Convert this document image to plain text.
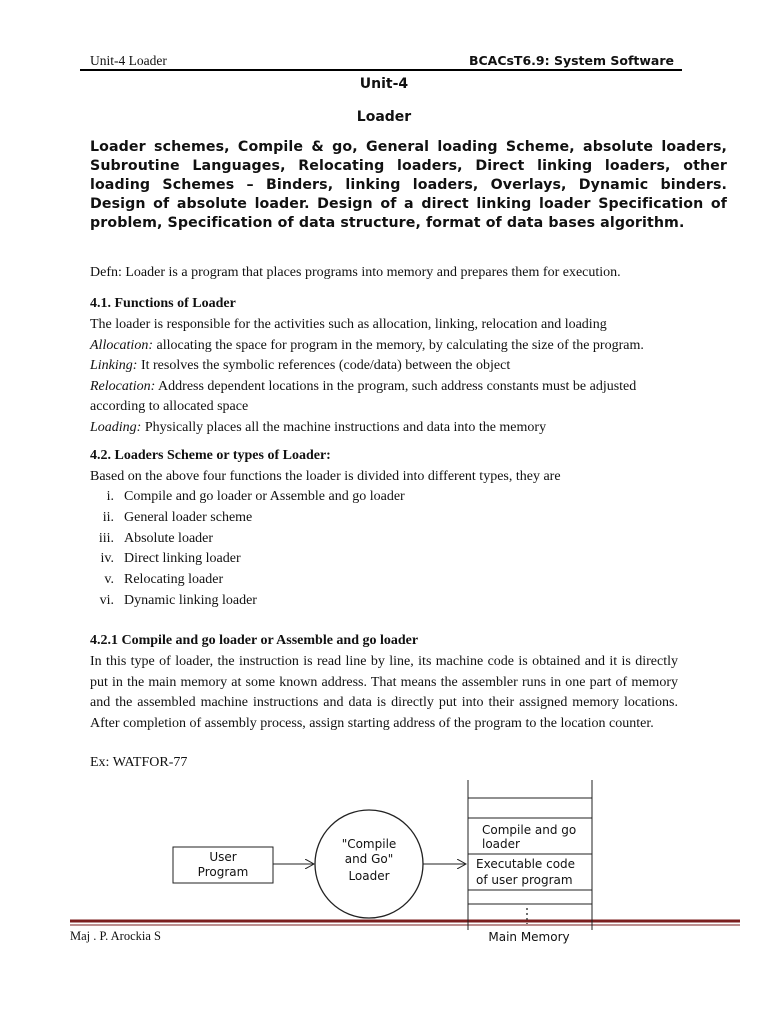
Unit-4 Loader	BCACsT6.9: System Software
Unit-4
Loader
Loader schemes, Compile & go, General loading Scheme, absolute loaders, Subroutine Languages, Relocating loaders, Direct linking loaders, other loading Schemes – Binders, linking loaders, Overlays, Dynamic binders. Design of absolute loader. Design of a direct linking loader Specification of problem, Specification of data structure, format of data bases algorithm.
Defn: Loader is a program that places programs into memory and prepares them for execution.
4.1. Functions of Loader
The loader is responsible for the activities such as allocation, linking, relocation and loading
Allocation: allocating the space for program in the memory, by calculating the size of the program. Linking: It resolves the symbolic references (code/data) between the object
Relocation: Address dependent locations in the program, such address constants must be adjusted according to allocated space
Loading: Physically places all the machine instructions and data into the memory
4.2. Loaders Scheme or types of Loader:
Based on the above four functions the loader is divided into different types, they are
i. Compile and go loader or Assemble and go loader
ii. General loader scheme
iii. Absolute loader
iv. Direct linking loader
v. Relocating loader
vi. Dynamic linking loader
4.2.1 Compile and go loader or Assemble and go loader
In this type of loader, the instruction is read line by line, its machine code is obtained and it is directly put in the main memory at some known address. That means the assembler runs in one part of memory and the assembled machine instructions and data is directly put into their assigned memory locations. After completion of assembly process, assign starting address of the program to the location counter.
Ex: WATFOR-77
User
Program
"Compile
and Go"
Loader
Compile and go
loader
Executable code
of user program
Main Memory
Maj . P. Arockia S
